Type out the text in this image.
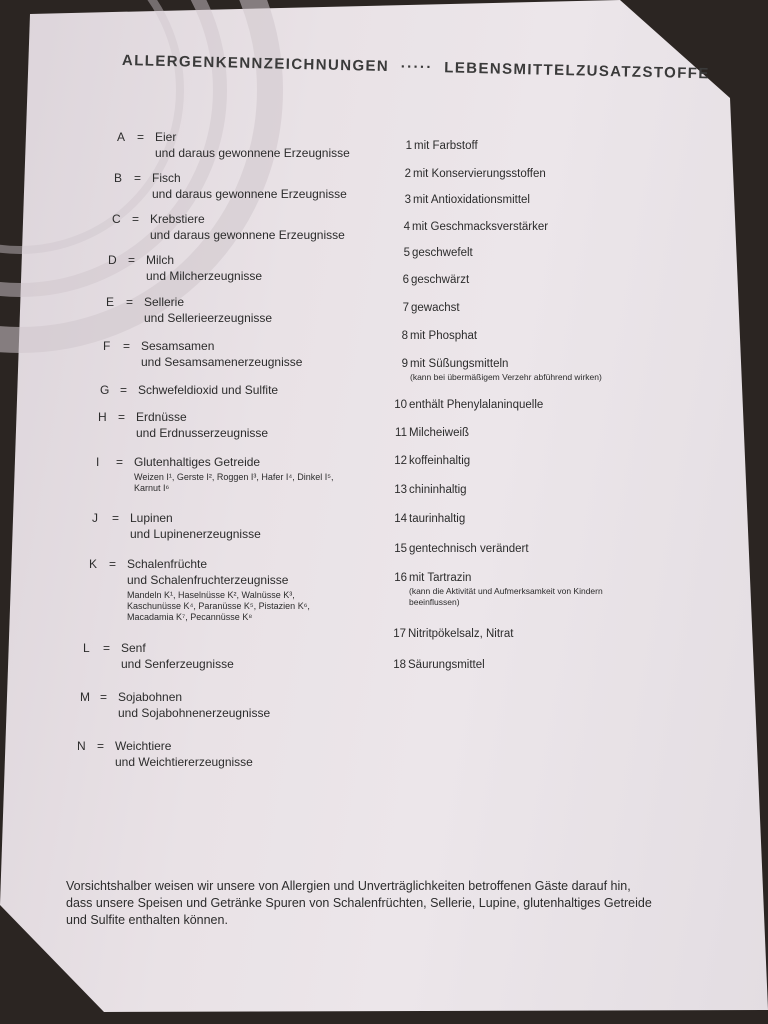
ALLERGENKENNZEICHNUNGEN ····· LEBENSMITTELZUSATZSTOFFE
A = Eier
und daraus gewonnene Erzeugnisse
B = Fisch
und daraus gewonnene Erzeugnisse
C = Krebstiere
und daraus gewonnene Erzeugnisse
D = Milch
und Milcherzeugnisse
E = Sellerie
und Sellerieerzeugnisse
F = Sesamsamen
und Sesamsamenerzeugnisse
G = Schwefeldioxid und Sulfite
H = Erdnüsse
und Erdnusserzeugnisse
I = Glutenhaltiges Getreide
Weizen I¹, Gerste I², Roggen I³, Hafer I⁴, Dinkel I⁵,
Karnut I⁶
J = Lupinen
und Lupinenerzeugnisse
K = Schalenfrüchte
und Schalenfruchterzeugnisse
Mandeln K¹, Haselnüsse K², Walnüsse K³,
Kaschunüsse K⁴, Paranüsse K⁵, Pistazien K⁶,
Macadamia K⁷, Pecannüsse K⁸
L = Senf
und Senferzeugnisse
M = Sojabohnen
und Sojabohnenerzeugnisse
N = Weichtiere
und Weichtiererzeugnisse
1 mit Farbstoff
2 mit Konservierungsstoffen
3 mit Antioxidationsmittel
4 mit Geschmacksverstärker
5 geschwefelt
6 geschwärzt
7 gewachst
8 mit Phosphat
9 mit Süßungsmitteln
(kann bei übermäßigem Verzehr abführend wirken)
10 enthält Phenylalaninquelle
11 Milcheiweiß
12 koffeinhaltig
13 chininhaltig
14 taurinhaltig
15 gentechnisch verändert
16 mit Tartrazin
(kann die Aktivität und Aufmerksamkeit von Kindern
beeinflussen)
17 Nitritpökelsalz, Nitrat
18 Säurungsmittel
Vorsichtshalber weisen wir unsere von Allergien und Unverträglichkeiten betroffenen Gäste darauf hin,
dass unsere Speisen und Getränke Spuren von Schalenfrüchten, Sellerie, Lupine, glutenhaltiges Getreide
und Sulfite enthalten können.
